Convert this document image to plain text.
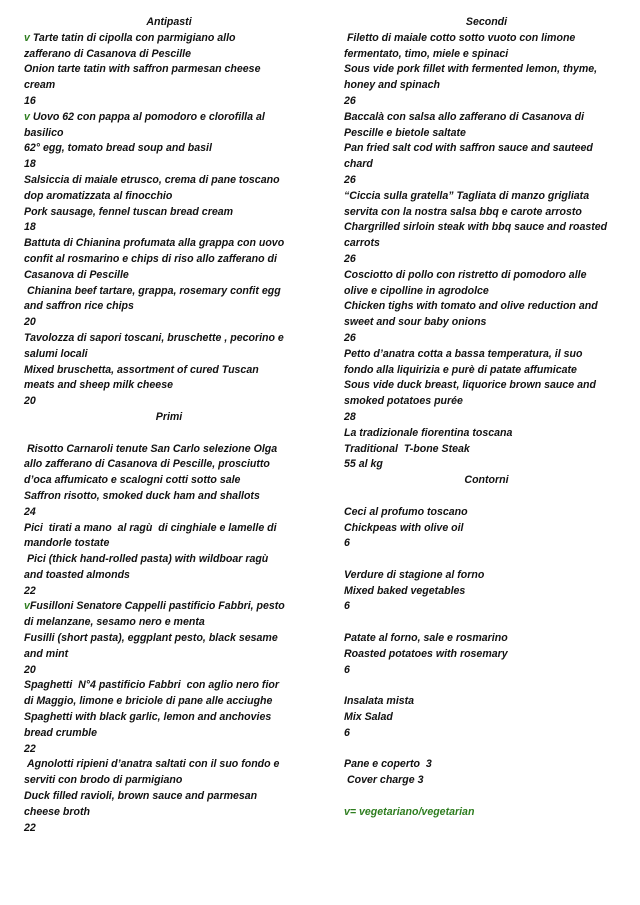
Antipasti
v Tarte tatin di cipolla con parmigiano allo
zafferano di Casanova di Pescille
Onion tarte tatin with saffron parmesan cheese
cream
16
v Uovo 62 con pappa al pomodoro e clorofilla al
basilico
62° egg, tomato bread soup and basil
18
Salsiccia di maiale etrusco, crema di pane toscano
dop aromatizzata al finocchio
Pork sausage, fennel tuscan bread cream
18
Battuta di Chianina profumata alla grappa con uovo
confit al rosmarino e chips di riso allo zafferano di
Casanova di Pescille
Chianina beef tartare, grappa, rosemary confit egg
and saffron rice chips
20
Tavolozza di sapori toscani, bruschette , pecorino e
salumi locali
Mixed bruschetta, assortment of cured Tuscan
meats and sheep milk cheese
20
Primi
Risotto Carnaroli tenute San Carlo selezione Olga
allo zafferano di Casanova di Pescille, prosciutto
d’oca affumicato e scalogni cotti sotto sale
Saffron risotto, smoked duck ham and shallots
24
Pici  tirati a mano  al ragù  di cinghiale e lamelle di
mandorle tostate
Pici (thick hand-rolled pasta) with wildboar ragù
and toasted almonds
22
vFusilloni Senatore Cappelli pastificio Fabbri, pesto
di melanzane, sesamo nero e menta
Fusilli (short pasta), eggplant pesto, black sesame
and mint
20
Spaghetti  N°4 pastificio Fabbri  con aglio nero fior
di Maggio, limone e briciole di pane alle acciughe
Spaghetti with black garlic, lemon and anchovies
bread crumble
22
Agnolotti ripieni d’anatra saltati con il suo fondo e
serviti con brodo di parmigiano
Duck filled ravioli, brown sauce and parmesan
cheese broth
22
Secondi
Filetto di maiale cotto sotto vuoto con limone
fermentato, timo, miele e spinaci
Sous vide pork fillet with fermented lemon, thyme,
honey and spinach
26
Baccalà con salsa allo zafferano di Casanova di
Pescille e bietole saltate
Pan fried salt cod with saffron sauce and sauteed
chard
26
“Ciccia sulla gratella” Tagliata di manzo grigliata
servita con la nostra salsa bbq e carote arrosto
Chargrilled sirloin steak with bbq sauce and roasted
carrots
26
Cosciotto di pollo con ristretto di pomodoro alle
olive e cipolline in agrodolce
Chicken tighs with tomato and olive reduction and
sweet and sour baby onions
26
Petto d’anatra cotta a bassa temperatura, il suo
fondo alla liquirizia e purè di patate affumicate
Sous vide duck breast, liquorice brown sauce and
smoked potatoes purée
28
La tradizionale fiorentina toscana
Traditional  T-bone Steak
55 al kg
Contorni
Ceci al profumo toscano
Chickpeas with olive oil
6
Verdure di stagione al forno
Mixed baked vegetables
6
Patate al forno, sale e rosmarino
Roasted potatoes with rosemary
6
Insalata mista
Mix Salad
6
Pane e coperto  3
Cover charge 3
v= vegetariano/vegetarian
